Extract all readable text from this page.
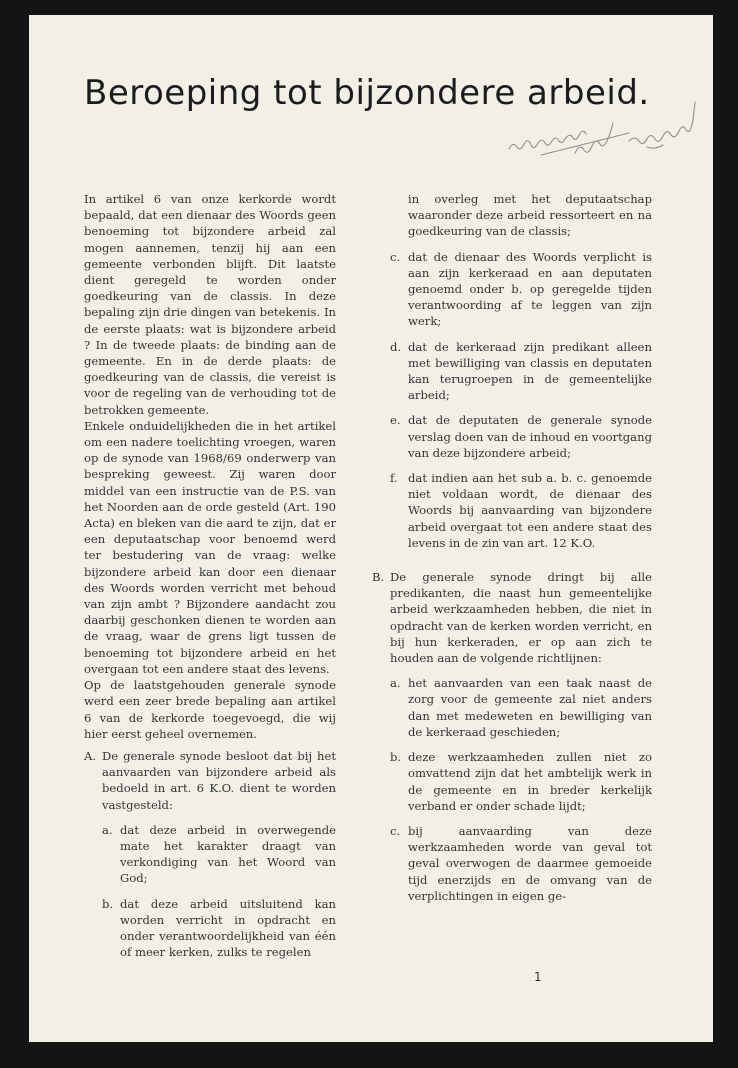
Beroeping tot bijzondere arbeid.

In artikel 6 van onze kerkorde wordt bepaald, dat een dienaar des Woords geen benoeming tot bijzondere arbeid zal mogen aannemen, tenzij hij aan een gemeente verbonden blijft. Dit laatste dient geregeld te worden onder goedkeuring van de classis. In deze bepaling zijn drie dingen van betekenis. In de eerste plaats: wat is bijzondere arbeid ? In de tweede plaats: de binding aan de gemeente. En in de derde plaats: de goedkeuring van de classis, die vereist is voor de regeling van de verhouding tot de betrokken gemeente.

Enkele onduidelijkheden die in het artikel om een nadere toelichting vroegen, waren op de synode van 1968/69 onderwerp van bespreking geweest. Zij waren door middel van een instructie van de P.S. van het Noorden aan de orde gesteld (Art. 190 Acta) en bleken van die aard te zijn, dat er een deputaatschap voor benoemd werd ter bestudering van de vraag: welke bijzondere arbeid kan door een dienaar des Woords worden verricht met behoud van zijn ambt ? Bijzondere aandacht zou daarbij geschonken dienen te worden aan de vraag, waar de grens ligt tussen de benoeming tot bijzondere arbeid en het overgaan tot een andere staat des levens.

Op de laatstgehouden generale synode werd een zeer brede bepaling aan artikel 6 van de kerkorde toegevoegd, die wij hier eerst geheel overnemen.

A. De generale synode besloot dat bij het aanvaarden van bijzondere arbeid als bedoeld in art. 6 K.O. dient te worden vastgesteld:
a. dat deze arbeid in overwegende mate het karakter draagt van verkondiging van het Woord van God;
b. dat deze arbeid uitsluitend kan worden verricht in opdracht en onder verantwoordelijkheid van één of meer kerken, zulks te regelen
in overleg met het deputaatschap waaronder deze arbeid ressorteert en na goedkeuring van de classis;
c. dat de dienaar des Woords verplicht is aan zijn kerkeraad en aan deputaten genoemd onder b. op geregelde tijden verantwoording af te leggen van zijn werk;
d. dat de kerkeraad zijn predikant alleen met bewilliging van classis en deputaten kan terugroepen in de gemeentelijke arbeid;
e. dat de deputaten de generale synode verslag doen van de inhoud en voortgang van deze bijzondere arbeid;
f. dat indien aan het sub a. b. c. genoemde niet voldaan wordt, de dienaar des Woords bij aanvaarding van bijzondere arbeid overgaat tot een andere staat des levens in de zin van art. 12 K.O.
B. De generale synode dringt bij alle predikanten, die naast hun gemeentelijke arbeid werkzaamheden hebben, die niet in opdracht van de kerken worden verricht, en bij hun kerkeraden, er op aan zich te houden aan de volgende richtlijnen:
a. het aanvaarden van een taak naast de zorg voor de gemeente zal niet anders dan met medeweten en bewilliging van de kerkeraad geschieden;
b. deze werkzaamheden zullen niet zo omvattend zijn dat het ambtelijk werk in de gemeente en in breder kerkelijk verband er onder schade lijdt;
c. bij aanvaarding van deze werkzaamheden worde van geval tot geval overwogen de daarmee gemoeide tijd enerzijds en de omvang van de verplichtingen in eigen ge-
1
